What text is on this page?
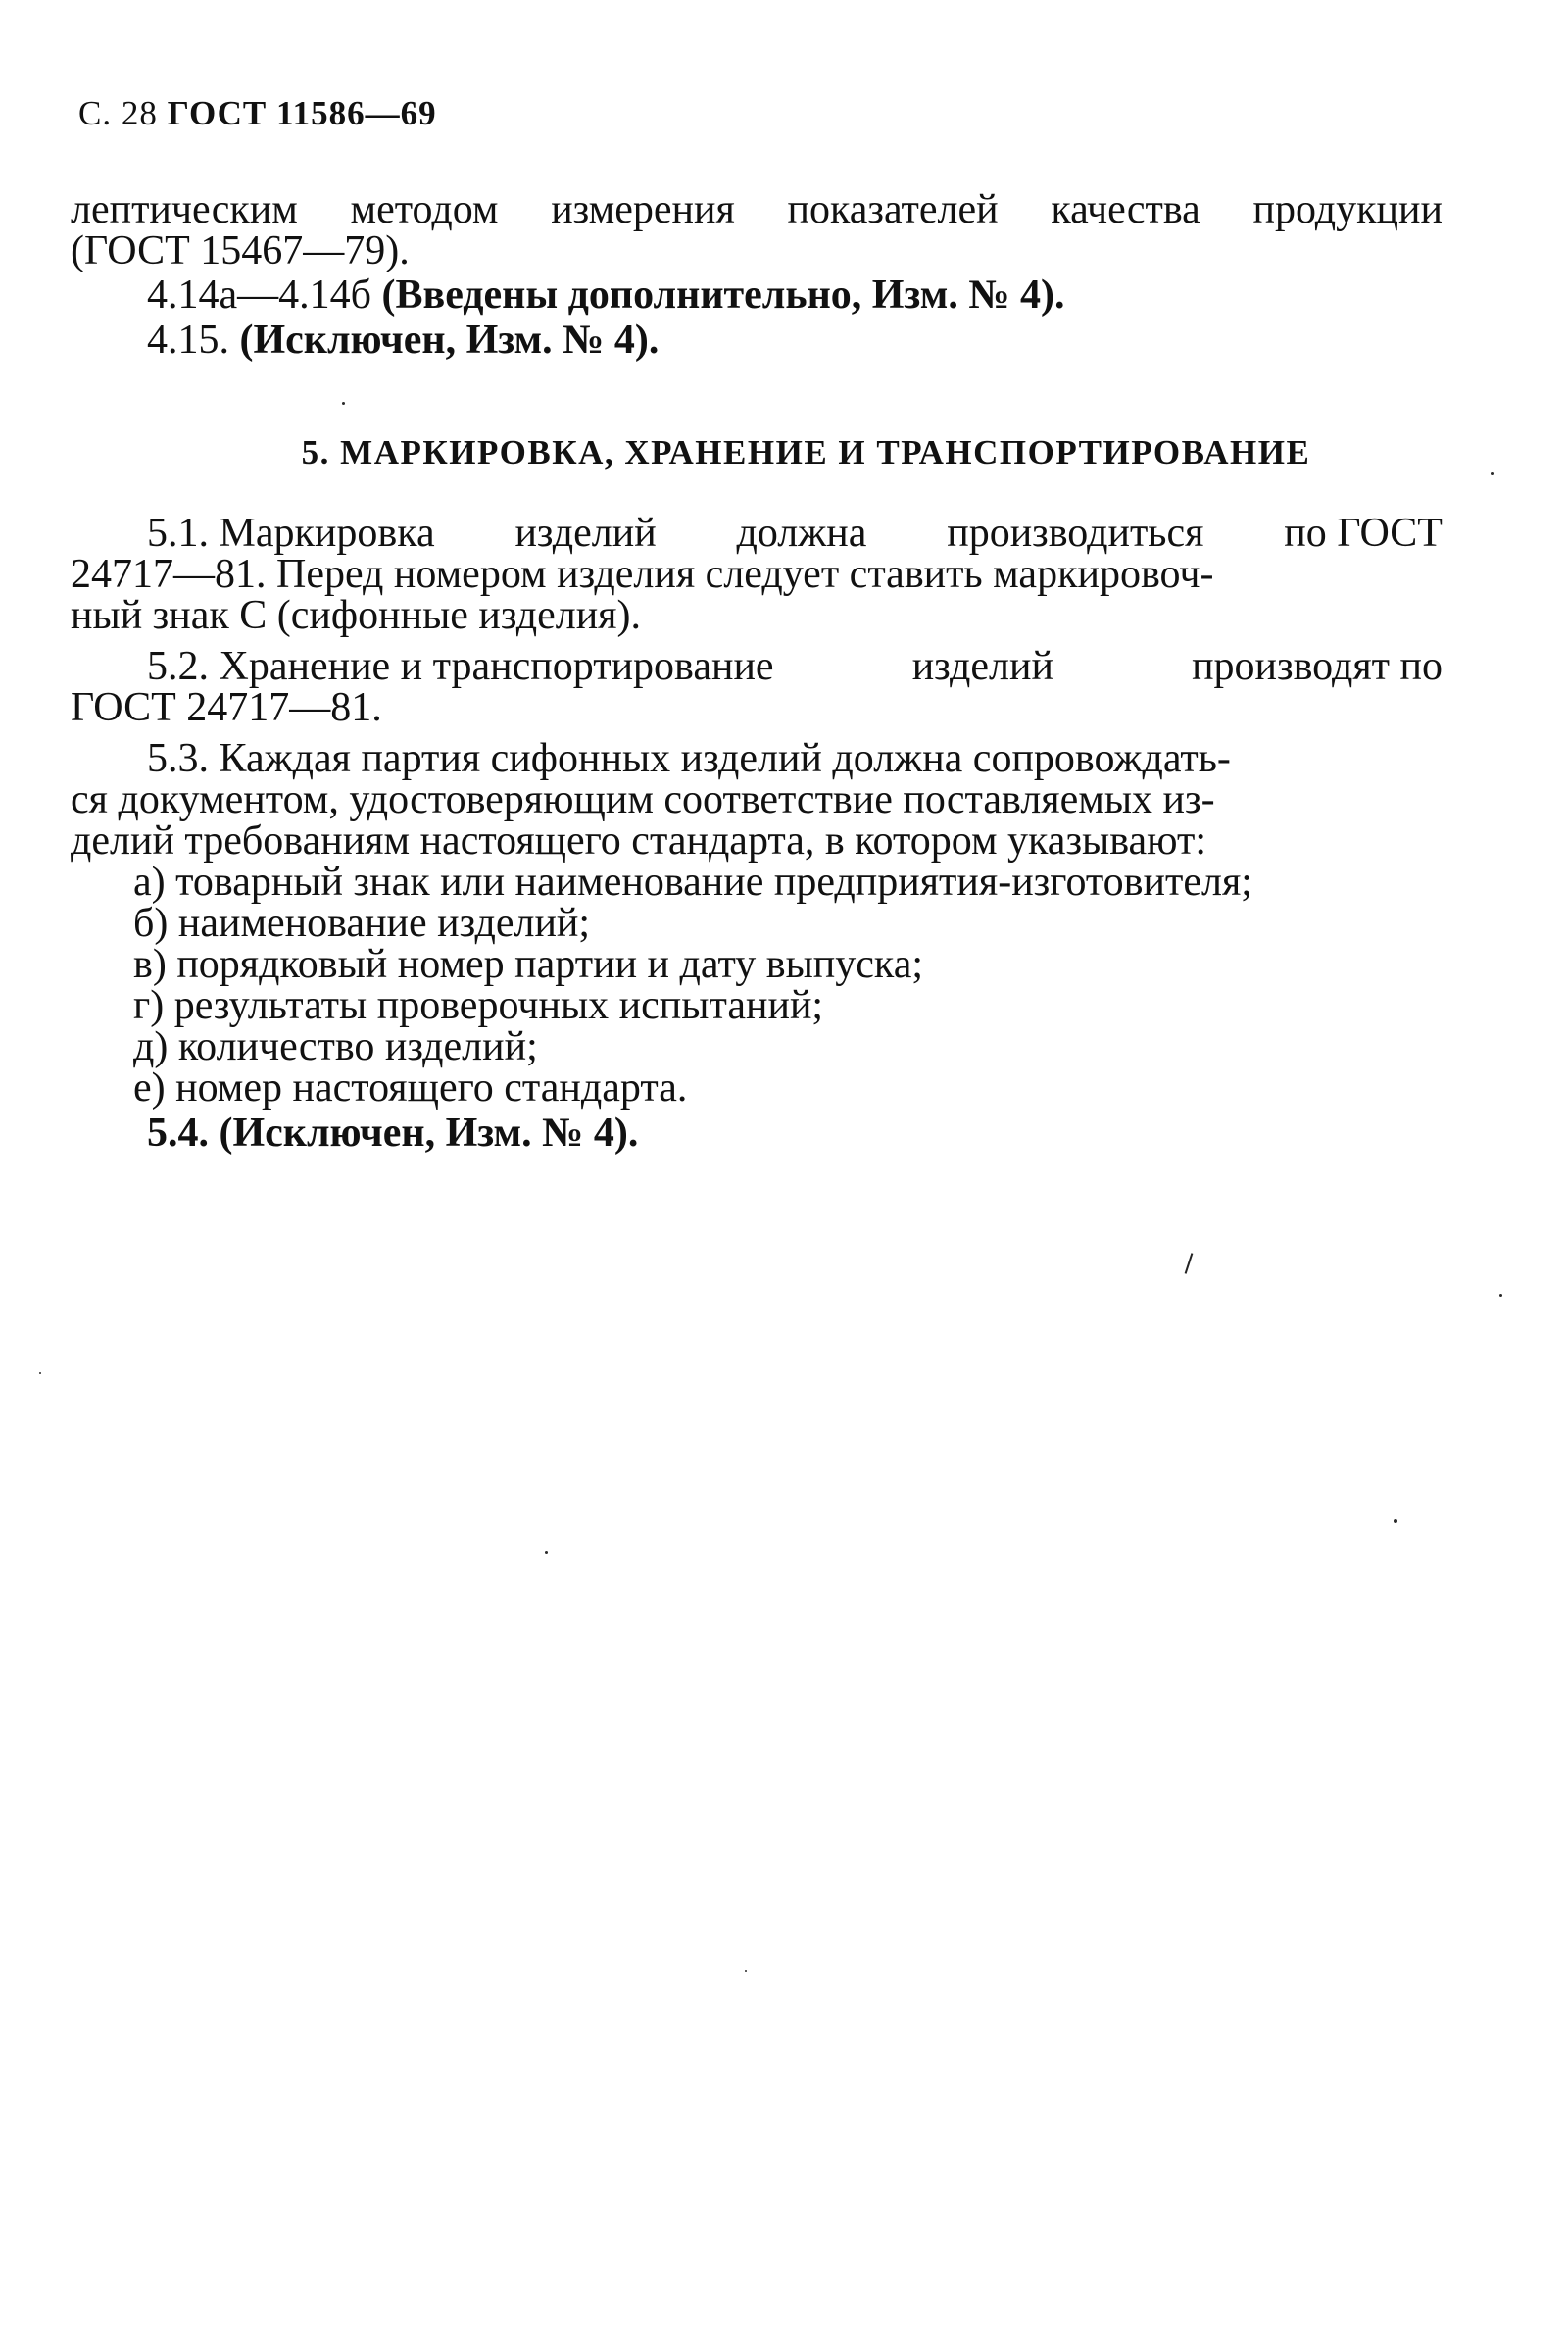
С. 28 ГОСТ 11586—69
лептическим методом измерения показателей качества продукции
(ГОСТ 15467—79).
4.14а—4.14б (Введены дополнительно, Изм. № 4).
4.15. (Исключен, Изм. № 4).
5. МАРКИРОВКА, ХРАНЕНИЕ И ТРАНСПОРТИРОВАНИЕ
5.1. Маркировка изделий должна производиться по ГОСТ
24717—81. Перед номером изделия следует ставить маркировоч-
ный знак С (сифонные изделия).
5.2. Хранение и транспортирование	изделий	производят по
ГОСТ 24717—81.
5.3. Каждая партия сифонных изделий должна сопровождать-
ся документом, удостоверяющим соответствие поставляемых из-
делий требованиям настоящего стандарта, в котором указывают:
а) товарный знак или наименование предприятия-изготовителя;
б) наименование изделий;
в) порядковый номер партии и дату выпуска;
г) результаты проверочных испытаний;
д) количество изделий;
е) номер настоящего стандарта.
5.4. (Исключен, Изм. № 4).
